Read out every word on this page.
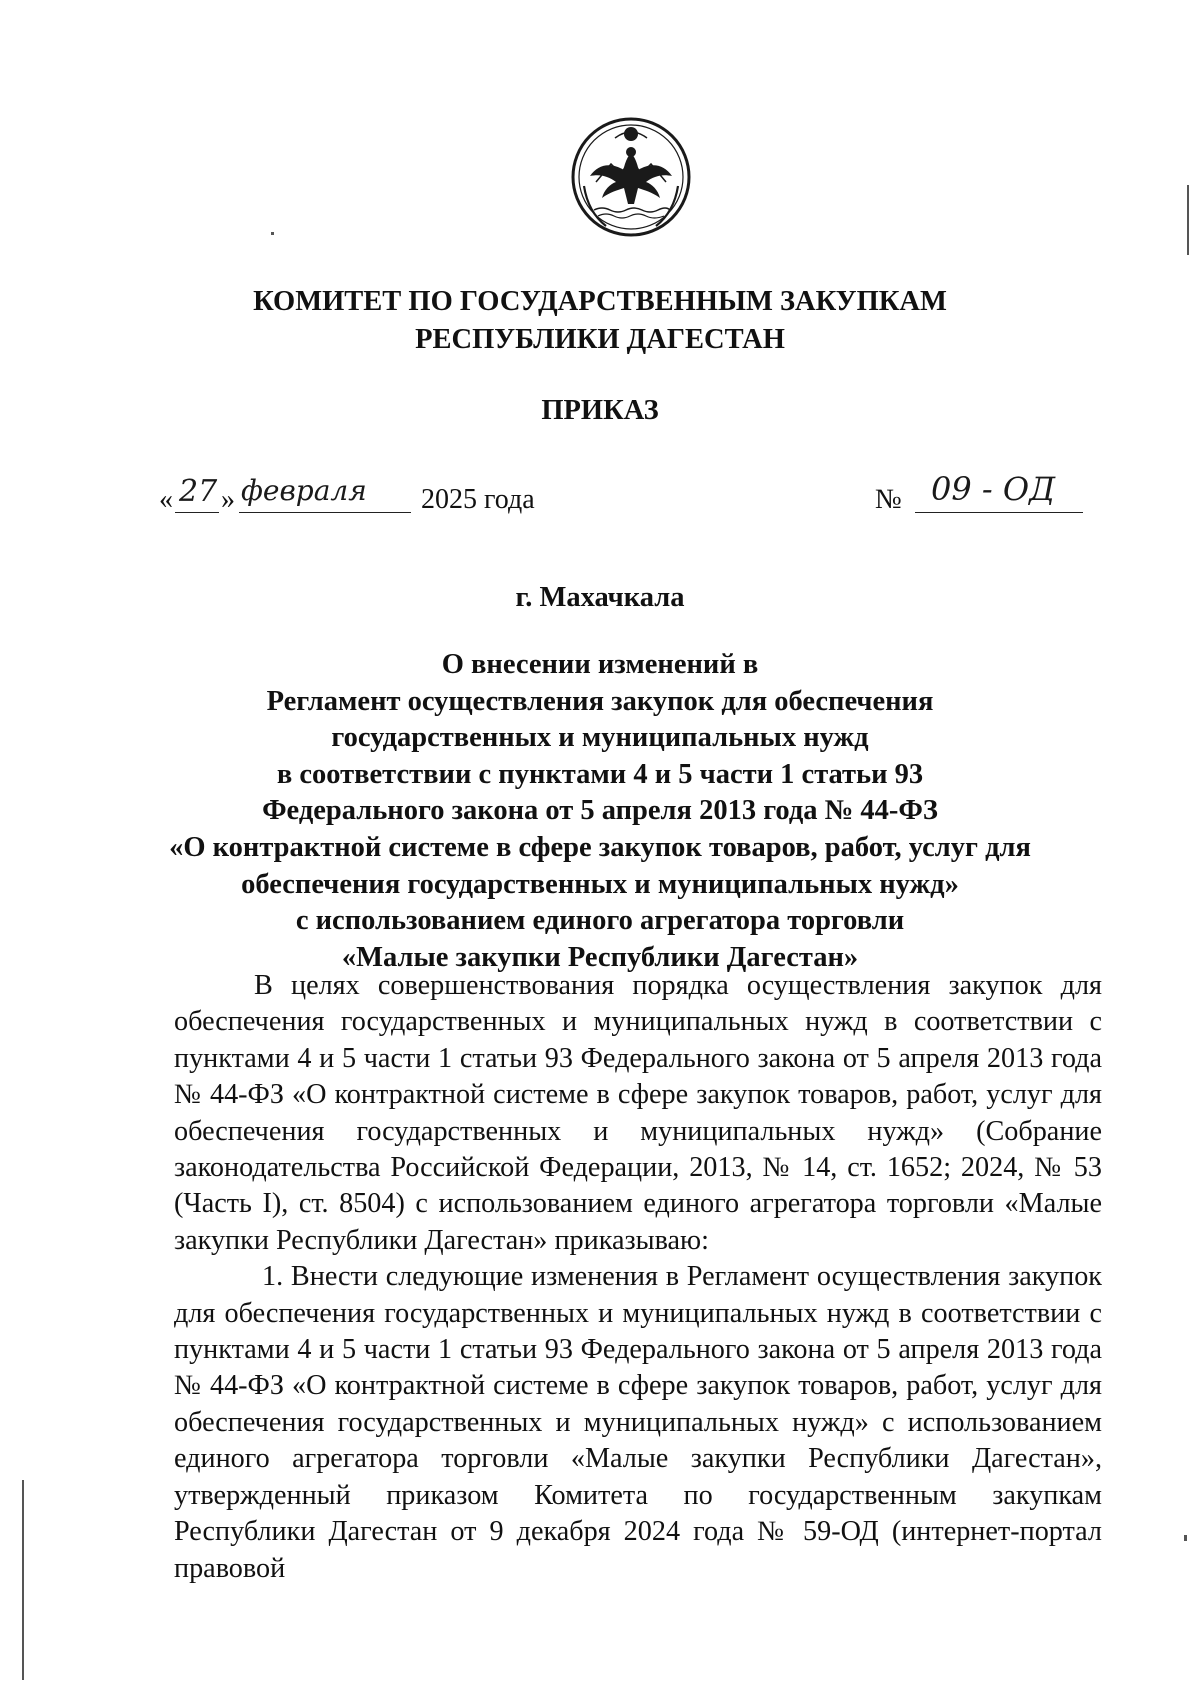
КОМИТЕТ ПО ГОСУДАРСТВЕННЫМ ЗАКУПКАМ
РЕСПУБЛИКИ ДАГЕСТАН
ПРИКАЗ
« 27 » февраля 2025 года	№ 09 - ОД
г. Махачкала
О внесении изменений в
Регламент осуществления закупок для обеспечения
государственных и муниципальных нужд
в соответствии с пунктами 4 и 5 части 1 статьи 93
Федерального закона от 5 апреля 2013 года № 44-ФЗ
«О контрактной системе в сфере закупок товаров, работ, услуг для
обеспечения государственных и муниципальных нужд»
с использованием единого агрегатора торговли
«Малые закупки Республики Дагестан»

В целях совершенствования порядка осуществления закупок для обеспечения государственных и муниципальных нужд в соответствии с пунктами 4 и 5 части 1 статьи 93 Федерального закона от 5 апреля 2013 года № 44-ФЗ «О контрактной системе в сфере закупок товаров, работ, услуг для обеспечения государственных и муниципальных нужд» (Собрание законодательства Российской Федерации, 2013, № 14, ст. 1652; 2024, № 53 (Часть I), ст. 8504) с использованием единого агрегатора торговли «Малые закупки Республики Дагестан» приказываю:

1. Внести следующие изменения в Регламент осуществления закупок для обеспечения государственных и муниципальных нужд в соответствии с пунктами 4 и 5 части 1 статьи 93 Федерального закона от 5 апреля 2013 года № 44-ФЗ «О контрактной системе в сфере закупок товаров, работ, услуг для обеспечения государственных и муниципальных нужд» с использованием единого агрегатора торговли «Малые закупки Республики Дагестан», утвержденный приказом Комитета по государственным закупкам Республики Дагестан от 9 декабря 2024 года № 59-ОД (интернет-портал правовой
